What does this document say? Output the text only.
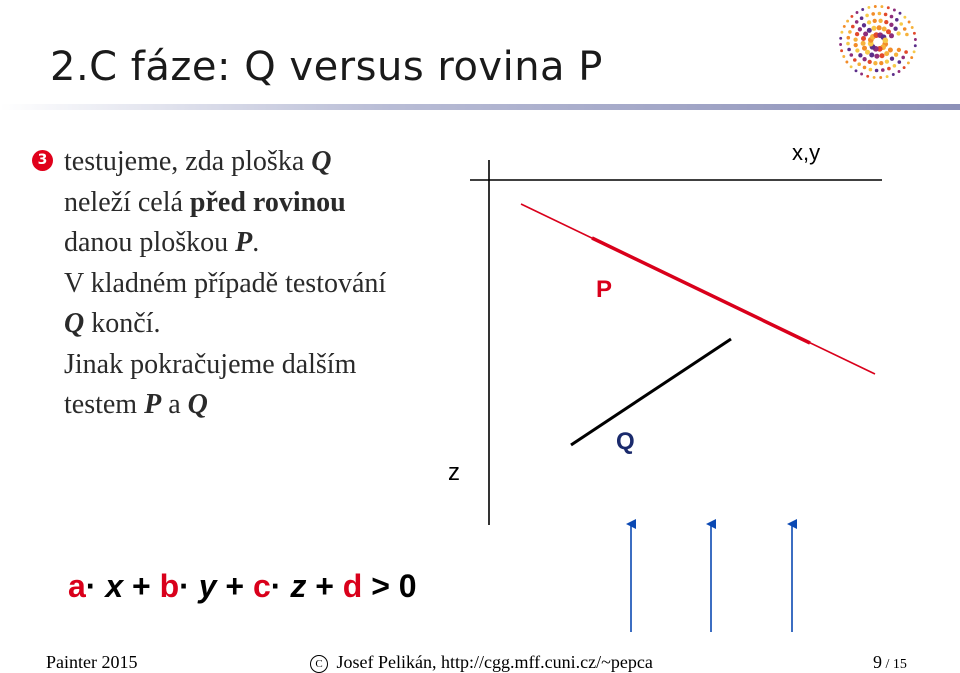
2.C fáze: Q versus rovina P
3 testujeme, zda ploška Q
neleží celá před rovinou
danou ploškou P.
V kladném případě testování
Q končí.
Jinak pokračujeme dalším
testem P a Q
x,y
z
P
Q
a· x + b· y + c· z + d > 0
Painter 2015	C Josef Pelikán, http://cgg.mff.cuni.cz/~pepca	9 / 15
